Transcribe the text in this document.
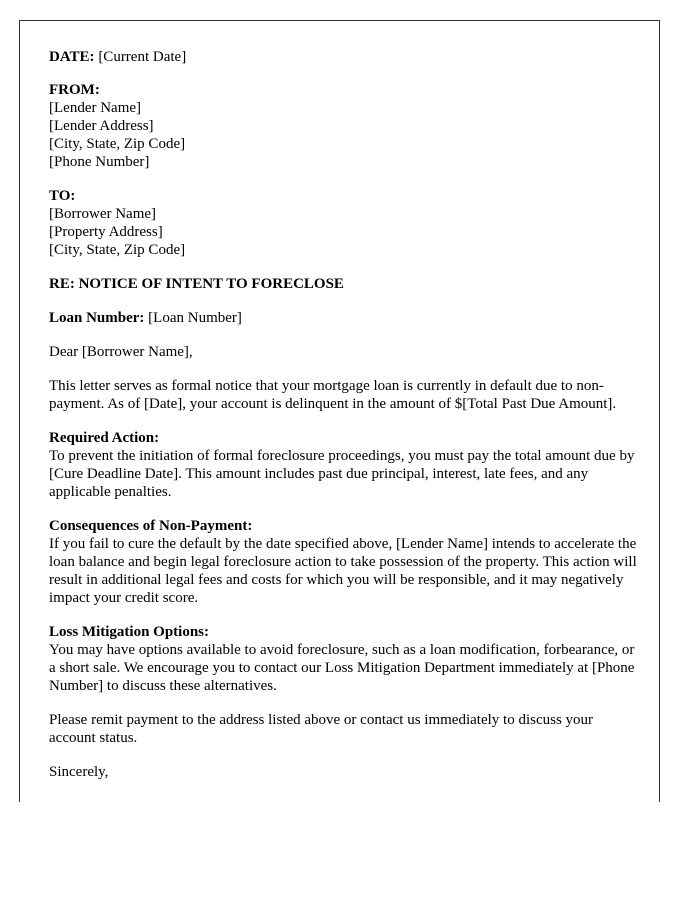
DATE: [Current Date]
FROM:
[Lender Name]
[Lender Address]
[City, State, Zip Code]
[Phone Number]
TO:
[Borrower Name]
[Property Address]
[City, State, Zip Code]
RE: NOTICE OF INTENT TO FORECLOSE
Loan Number: [Loan Number]

Dear [Borrower Name],

This letter serves as formal notice that your mortgage loan is currently in default due to non-payment. As of [Date], your account is delinquent in the amount of $[Total Past Due Amount].

Required Action:

To prevent the initiation of formal foreclosure proceedings, you must pay the total amount due by [Cure Deadline Date]. This amount includes past due principal, interest, late fees, and any applicable penalties.

Consequences of Non-Payment:

If you fail to cure the default by the date specified above, [Lender Name] intends to accelerate the loan balance and begin legal foreclosure action to take possession of the property. This action will result in additional legal fees and costs for which you will be responsible, and it may negatively impact your credit score.

Loss Mitigation Options:

You may have options available to avoid foreclosure, such as a loan modification, forbearance, or a short sale. We encourage you to contact our Loss Mitigation Department immediately at [Phone Number] to discuss these alternatives.

Please remit payment to the address listed above or contact us immediately to discuss your account status.

Sincerely,
